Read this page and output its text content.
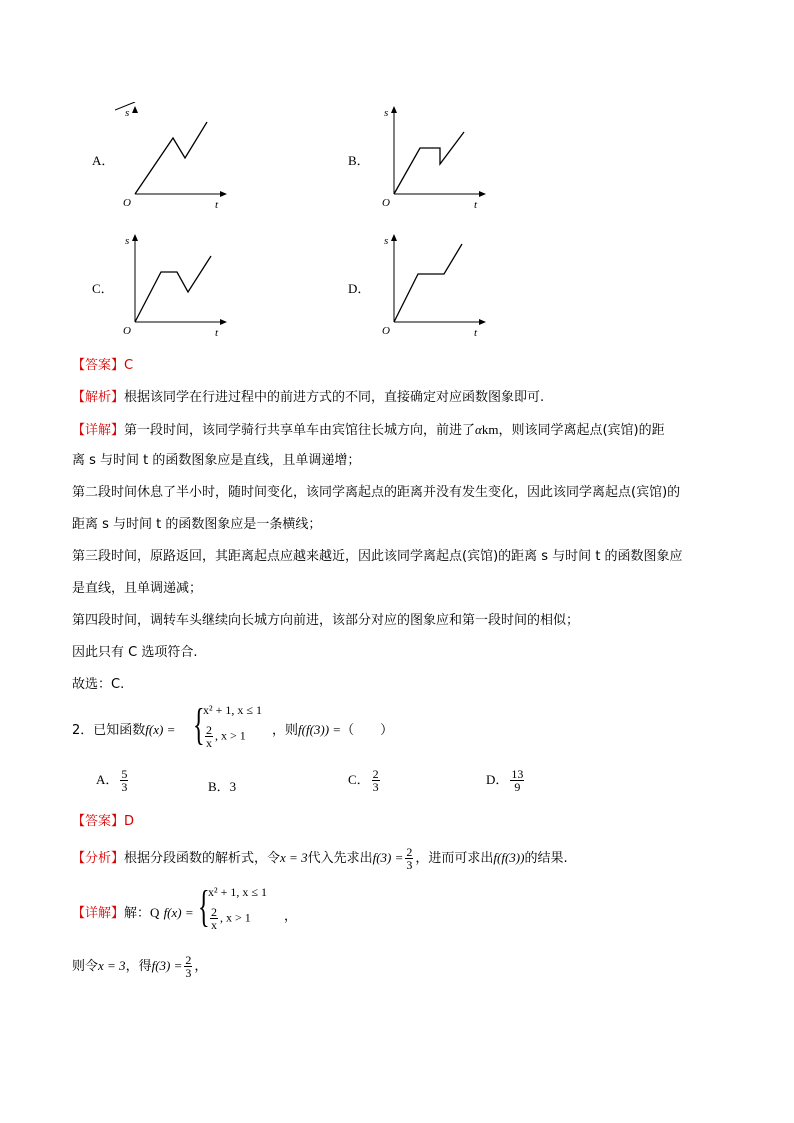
A．
s
t
O
B．
s
t
O
C．
s
t
O
D．
s
t
O
【答案】C
【解析】根据该同学在行进过程中的前进方式的不同，直接确定对应函数图象即可.
【详解】第一段时间，该同学骑行共享单车由宾馆往长城方向，前进了αkm，则该同学离起点(宾馆)的距
离 s 与时间 t 的函数图象应是直线，且单调递增；
第二段时间休息了半小时，随时间变化，该同学离起点的距离并没有发生变化，因此该同学离起点(宾馆)的
距离 s 与时间 t 的函数图象应是一条横线；
第三段时间，原路返回，其距离起点应越来越近，因此该同学离起点(宾馆)的距离 s 与时间 t 的函数图象应
是直线，且单调递减；
第四段时间，调转车头继续向长城方向前进，该部分对应的图象应和第一段时间的相似；
因此只有 C 选项符合.
故选：C.
2．已知函数f(x) = {
x² + 1, x ≤ 1
$\frac{2}{x}$ , x > 1 ，则f(f(3)) =（　　）
A． $\frac{5}{3}$	B．3	C． $\frac{2}{3}$	D． $\frac{13}{9}$
【答案】D
【分析】根据分段函数的解析式，令x = 3代入先求出$f(3) = \frac{2}{3}$ ，进而可求出f(f(3))的结果.
【详解】解：Q f(x) = {
x² + 1, x ≤ 1
$\frac{2}{x}$ , x > 1	，
则令x = 3，得$f(3) = \frac{2}{3}$ ，
